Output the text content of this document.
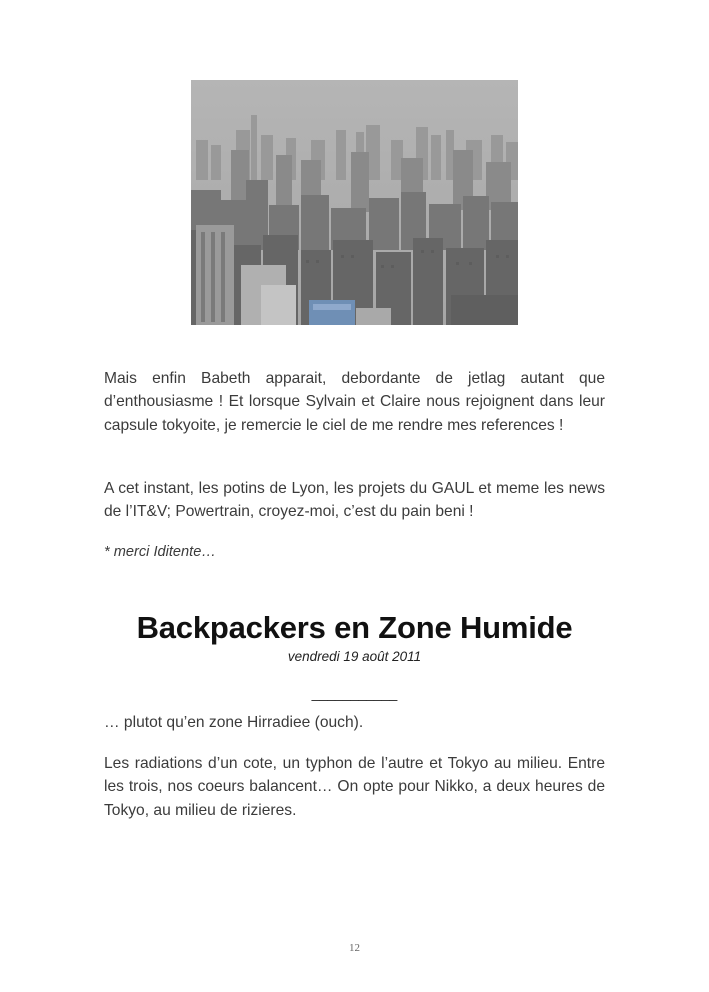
Mais enfin Babeth apparait, debordante de jetlag autant que d’enthousiasme ! Et lorsque Sylvain et Claire nous rejoignent dans leur capsule tokyoite, je remercie le ciel de me rendre mes references !

A cet instant, les potins de Lyon, les projets du GAUL et meme les news de l’IT&V; Powertrain, croyez-moi, c’est du pain beni !

* merci Iditente…

Backpackers en Zone Humide
vendredi 19 août 2011
___________

… plutot qu’en zone Hirradiee (ouch).

Les radiations d’un cote, un typhon de l’autre et Tokyo au milieu. Entre les trois, nos coeurs balancent… On opte pour Nikko, a deux heures de Tokyo, au milieu de rizieres.

12
